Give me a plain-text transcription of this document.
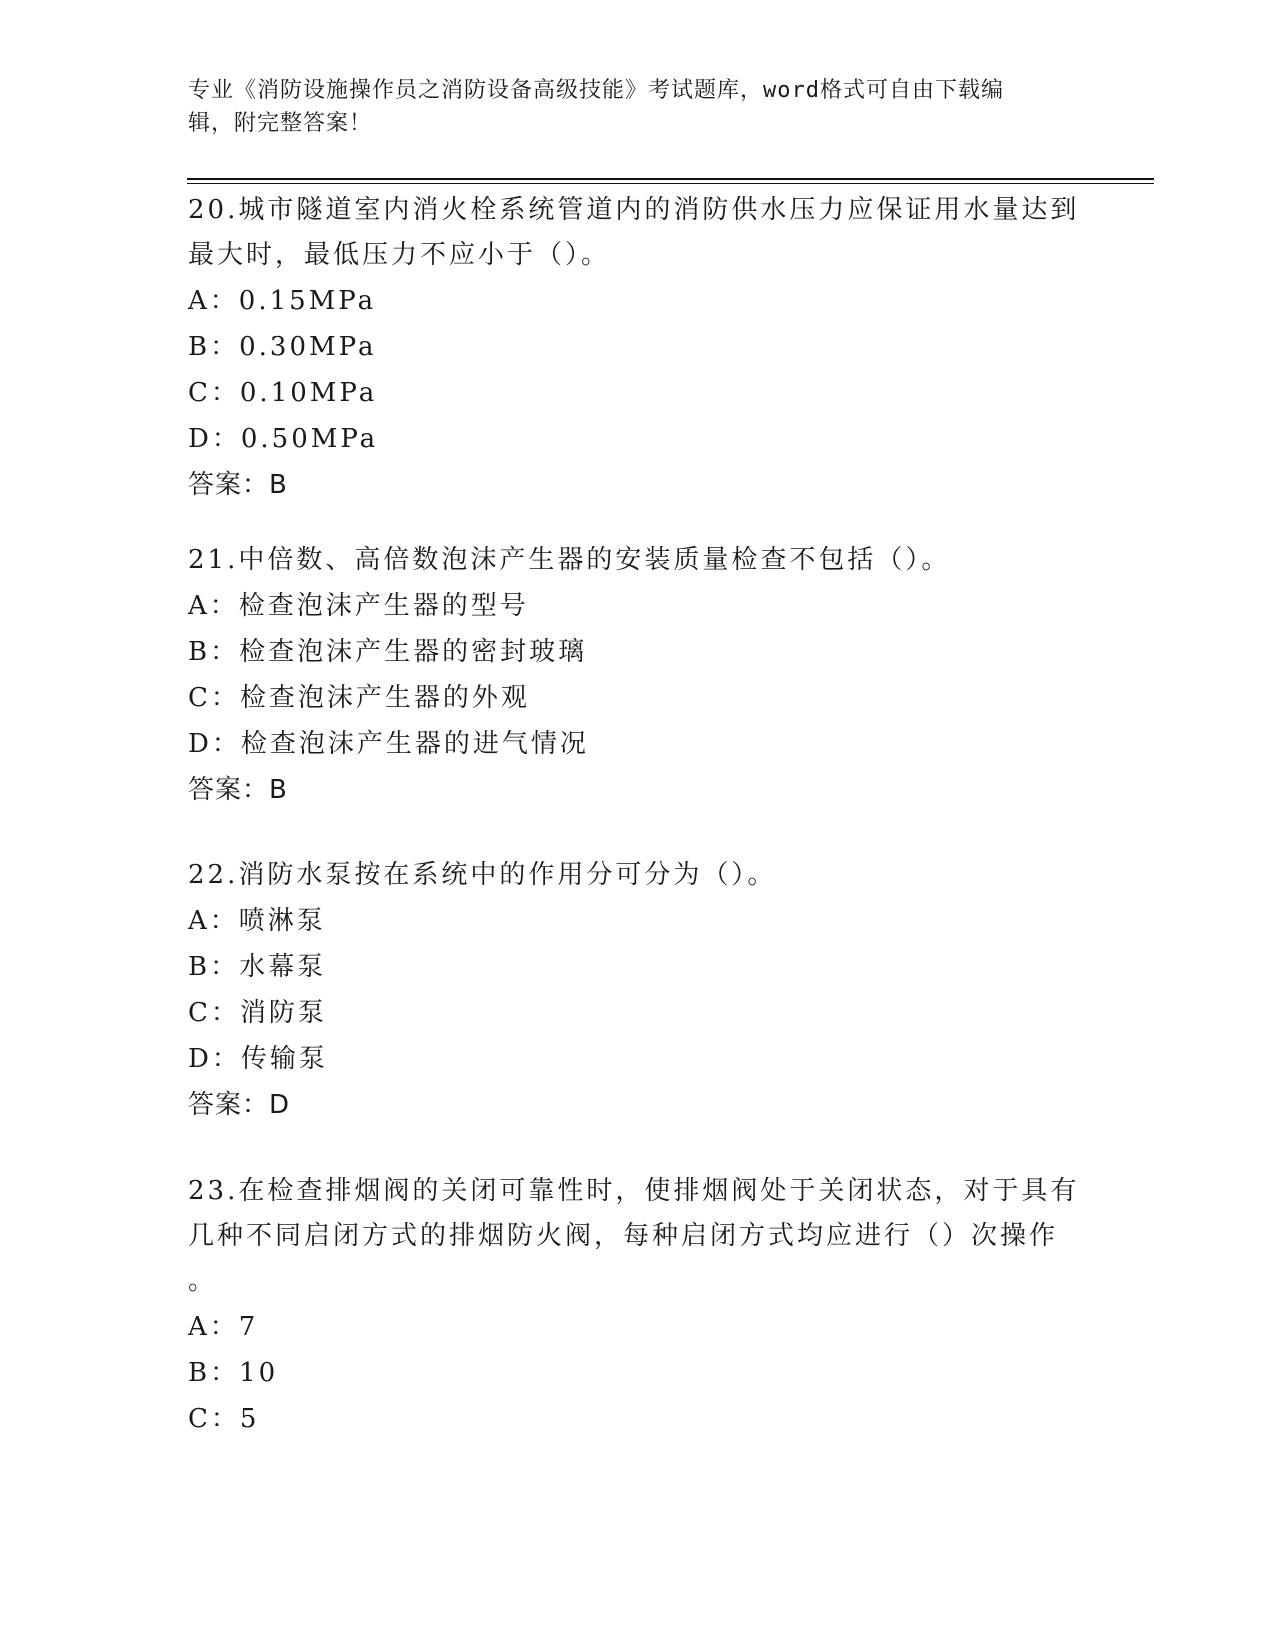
专业《消防设施操作员之消防设备高级技能》考试题库，word格式可自由下载编
辑，附完整答案！

20.城市隧道室内消火栓系统管道内的消防供水压力应保证用水量达到

最大时，最低压力不应小于（）。

A：0.15MPa

B：0.30MPa

C：0.10MPa

D：0.50MPa

答案：B

21.中倍数、高倍数泡沫产生器的安装质量检查不包括（）。

A：检查泡沫产生器的型号

B：检查泡沫产生器的密封玻璃

C：检查泡沫产生器的外观

D：检查泡沫产生器的进气情况

答案：B

22.消防水泵按在系统中的作用分可分为（）。

A：喷淋泵

B：水幕泵

C：消防泵

D：传输泵

答案：D

23.在检查排烟阀的关闭可靠性时，使排烟阀处于关闭状态，对于具有

几种不同启闭方式的排烟防火阀，每种启闭方式均应进行（）次操作

。

A：7

B：10

C：5
